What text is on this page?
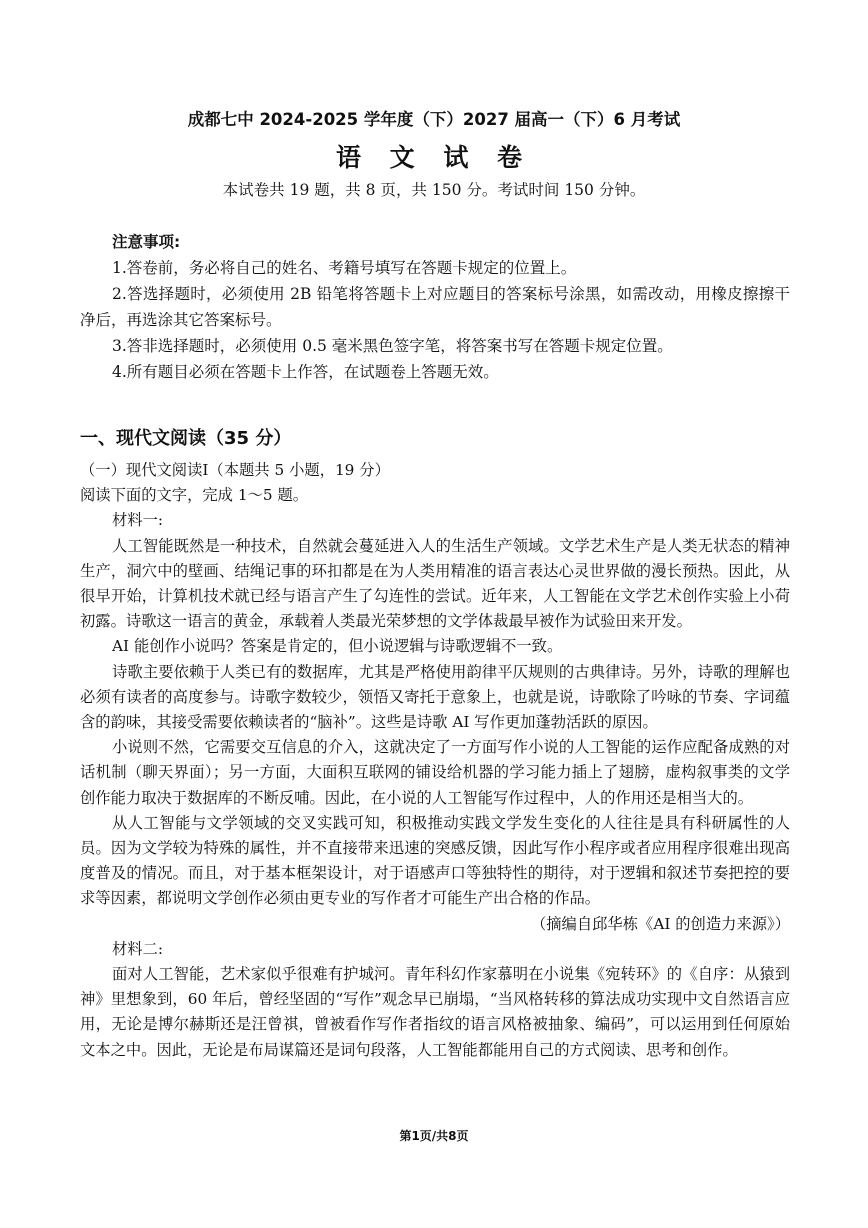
成都七中 2024-2025 学年度（下）2027 届高一（下）6 月考试
语 文 试 卷
本试卷共 19 题，共 8 页，共 150 分。考试时间 150 分钟。
注意事项:
1.答卷前，务必将自己的姓名、考籍号填写在答题卡规定的位置上。
2.答选择题时，必须使用 2B 铅笔将答题卡上对应题目的答案标号涂黑，如需改动，用橡皮擦擦干净后，再选涂其它答案标号。
3.答非选择题时，必须使用 0.5 毫米黑色签字笔，将答案书写在答题卡规定位置。
4.所有题目必须在答题卡上作答，在试题卷上答题无效。
一、现代文阅读（35 分）

（一）现代文阅读Ⅰ（本题共 5 小题，19 分）

阅读下面的文字，完成 1～5 题。

材料一:

人工智能既然是一种技术，自然就会蔓延进入人的生活生产领域。文学艺术生产是人类无状态的精神生产，洞穴中的壁画、结绳记事的环扣都是在为人类用精准的语言表达心灵世界做的漫长预热。因此，从很早开始，计算机技术就已经与语言产生了勾连性的尝试。近年来，人工智能在文学艺术创作实验上小荷初露。诗歌这一语言的黄金，承载着人类最光荣梦想的文学体裁最早被作为试验田来开发。

AI 能创作小说吗？答案是肯定的，但小说逻辑与诗歌逻辑不一致。

诗歌主要依赖于人类已有的数据库，尤其是严格使用韵律平仄规则的古典律诗。另外，诗歌的理解也必须有读者的高度参与。诗歌字数较少，领悟又寄托于意象上，也就是说，诗歌除了吟咏的节奏、字词蕴含的韵味，其接受需要依赖读者的“脑补”。这些是诗歌 AI 写作更加蓬勃活跃的原因。

小说则不然，它需要交互信息的介入，这就决定了一方面写作小说的人工智能的运作应配备成熟的对话机制（聊天界面）；另一方面，大面积互联网的铺设给机器的学习能力插上了翅膀，虚构叙事类的文学创作能力取决于数据库的不断反哺。因此，在小说的人工智能写作过程中，人的作用还是相当大的。

从人工智能与文学领域的交叉实践可知，积极推动实践文学发生变化的人往往是具有科研属性的人员。因为文学较为特殊的属性，并不直接带来迅速的突感反馈，因此写作小程序或者应用程序很难出现高度普及的情况。而且，对于基本框架设计，对于语感声口等独特性的期待，对于逻辑和叙述节奏把控的要求等因素，都说明文学创作必须由更专业的写作者才可能生产出合格的作品。

（摘编自邱华栋《AI 的创造力来源》）

材料二:

面对人工智能，艺术家似乎很难有护城河。青年科幻作家慕明在小说集《宛转环》的《自序：从猿到神》里想象到，60 年后，曾经坚固的“写作”观念早已崩塌，“当风格转移的算法成功实现中文自然语言应用，无论是博尔赫斯还是汪曾祺，曾被看作写作者指纹的语言风格被抽象、编码”，可以运用到任何原始文本之中。因此，无论是布局谋篇还是词句段落，人工智能都能用自己的方式阅读、思考和创作。

第1页/共8页
